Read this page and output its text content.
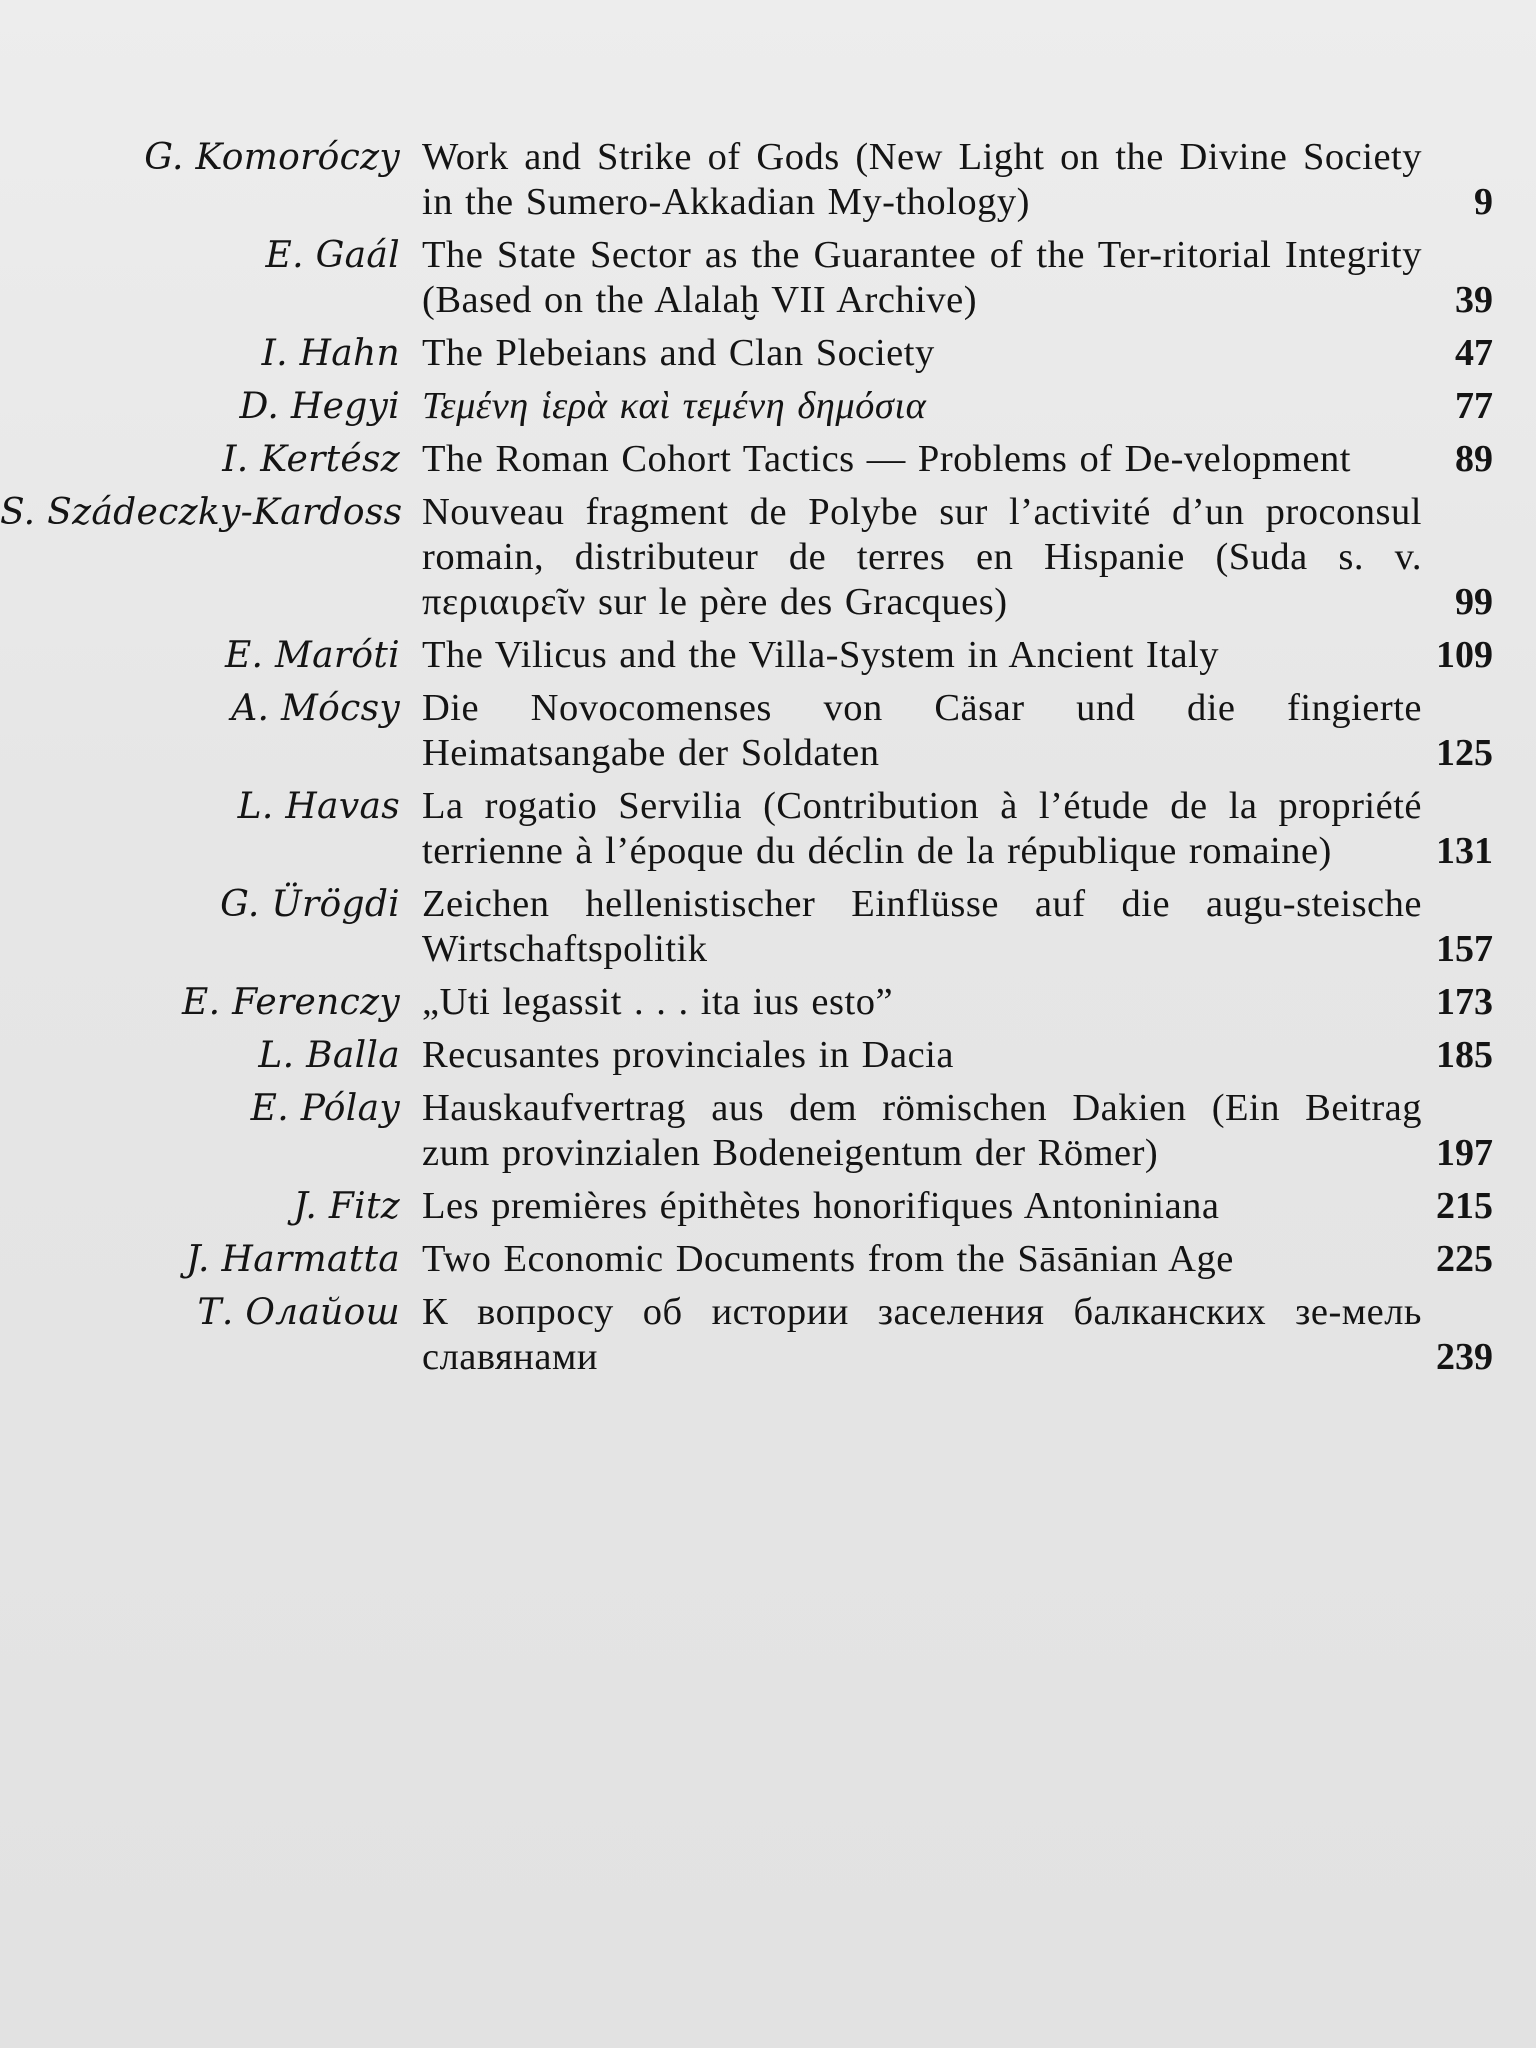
G. Komoróczy Work and Strike of Gods (New Light on the Divine Society in the Sumero-Akkadian My-thology)	9
E. Gaál The State Sector as the Guarantee of the Ter-ritorial Integrity (Based on the Alalaḫ VII Archive)	39
I. Hahn The Plebeians and Clan Society	47
D. Hegyi Τεμένη ἱερὰ καὶ τεμένη δημόσια	77
I. Kertész The Roman Cohort Tactics — Problems of De-velopment	89
S. Szádeczky-Kardoss Nouveau fragment de Polybe sur l’activité d’un proconsul romain, distributeur de terres en Hispanie (Suda s. v. περιαιρεῖν sur le père des Gracques)	99
E. Maróti The Vilicus and the Villa-System in Ancient Italy	109
A. Mócsy Die Novocomenses von Cäsar und die fingierte Heimatsangabe der Soldaten	125
L. Havas La rogatio Servilia (Contribution à l’étude de la propriété terrienne à l’époque du déclin de la république romaine)	131
G. Ürögdi Zeichen hellenistischer Einflüsse auf die augu-steische Wirtschaftspolitik	157
E. Ferenczy „Uti legassit . . . ita ius esto”	173
L. Balla Recusantes provinciales in Dacia	185
E. Pólay Hauskaufvertrag aus dem römischen Dakien (Ein Beitrag zum provinzialen Bodeneigentum der Römer)	197
J. Fitz Les premières épithètes honorifiques Antoniniana	215
J. Harmatta Two Economic Documents from the Sāsānian Age	225
Т. Олайош К вопросу об истории заселения балканских зе-мель славянами	239
